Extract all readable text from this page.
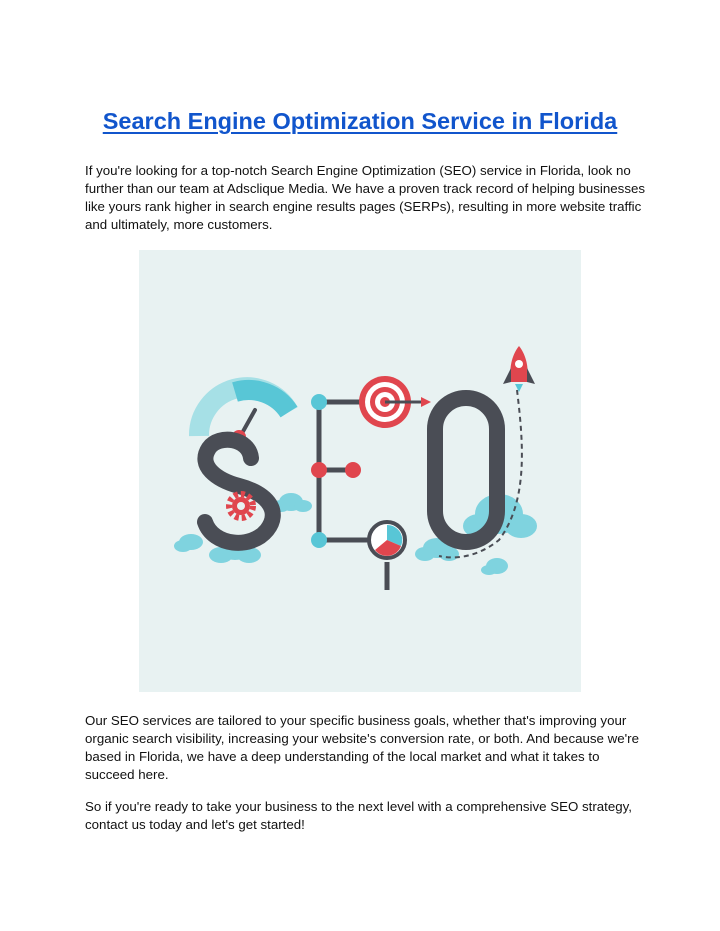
Search Engine Optimization Service in Florida

If you're looking for a top-notch Search Engine Optimization (SEO) service in Florida, look no further than our team at Adsclique Media. We have a proven track record of helping businesses like yours rank higher in search engine results pages (SERPs), resulting in more website traffic and ultimately, more customers.

Our SEO services are tailored to your specific business goals, whether that's improving your organic search visibility, increasing your website's conversion rate, or both. And because we're based in Florida, we have a deep understanding of the local market and what it takes to succeed here.

So if you're ready to take your business to the next level with a comprehensive SEO strategy, contact us today and let's get started!
